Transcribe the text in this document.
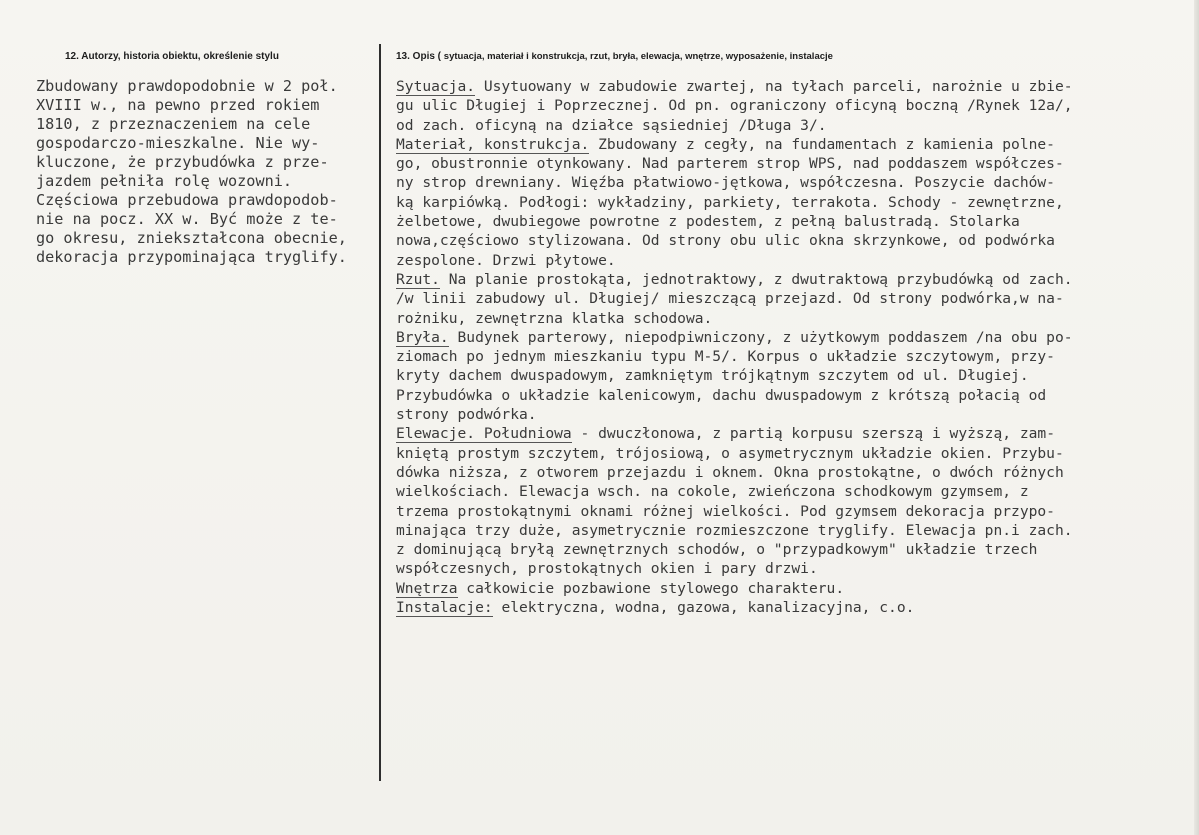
12. Autorzy, historia obiektu, określenie stylu	13. Opis ( sytuacja, materiał i konstrukcja, rzut, bryła, elewacja, wnętrze, wyposażenie, instalacje
Zbudowany prawdopodobnie w 2 poł.
XVIII w., na pewno przed rokiem
1810, z przeznaczeniem na cele
gospodarczo-mieszkalne. Nie wy-
kluczone, że przybudówka z prze-
jazdem pełniła rolę wozowni.
Częściowa przebudowa prawdopodob-
nie na pocz. XX w. Być może z te-
go okresu, zniekształcona obecnie,
dekoracja przypominająca tryglify.
Sytuacja. Usytuowany w zabudowie zwartej, na tyłach parceli, narożnie u zbie-
gu ulic Długiej i Poprzecznej. Od pn. ograniczony oficyną boczną /Rynek 12a/,
od zach. oficyną na działce sąsiedniej /Długa 3/.
Materiał, konstrukcja. Zbudowany z cegły, na fundamentach z kamienia polne-
go, obustronnie otynkowany. Nad parterem strop WPS, nad poddaszem współczes-
ny strop drewniany. Więźba płatwiowo-jętkowa, współczesna. Poszycie dachów-
ką karpiówką. Podłogi: wykładziny, parkiety, terrakota. Schody - zewnętrzne,
żelbetowe, dwubiegowe powrotne z podestem, z pełną balustradą. Stolarka
nowa,częściowo stylizowana. Od strony obu ulic okna skrzynkowe, od podwórka
zespolone. Drzwi płytowe.
Rzut. Na planie prostokąta, jednotraktowy, z dwutraktową przybudówką od zach.
/w linii zabudowy ul. Długiej/ mieszczącą przejazd. Od strony podwórka,w na-
rożniku, zewnętrzna klatka schodowa.
Bryła. Budynek parterowy, niepodpiwniczony, z użytkowym poddaszem /na obu po-
ziomach po jednym mieszkaniu typu M-5/. Korpus o układzie szczytowym, przy-
kryty dachem dwuspadowym, zamkniętym trójkątnym szczytem od ul. Długiej.
Przybudówka o układzie kalenicowym, dachu dwuspadowym z krótszą połacią od
strony podwórka.
Elewacje. Południowa - dwuczłonowa, z partią korpusu szerszą i wyższą, zam-
kniętą prostym szczytem, trójosiową, o asymetrycznym układzie okien. Przybu-
dówka niższa, z otworem przejazdu i oknem. Okna prostokątne, o dwóch różnych
wielkościach. Elewacja wsch. na cokole, zwieńczona schodkowym gzymsem, z
trzema prostokątnymi oknami różnej wielkości. Pod gzymsem dekoracja przypo-
minająca trzy duże, asymetrycznie rozmieszczone tryglify. Elewacja pn.i zach.
z dominującą bryłą zewnętrznych schodów, o "przypadkowym" układzie trzech
współczesnych, prostokątnych okien i pary drzwi.
Wnętrza całkowicie pozbawione stylowego charakteru.
Instalacje: elektryczna, wodna, gazowa, kanalizacyjna, c.o.
